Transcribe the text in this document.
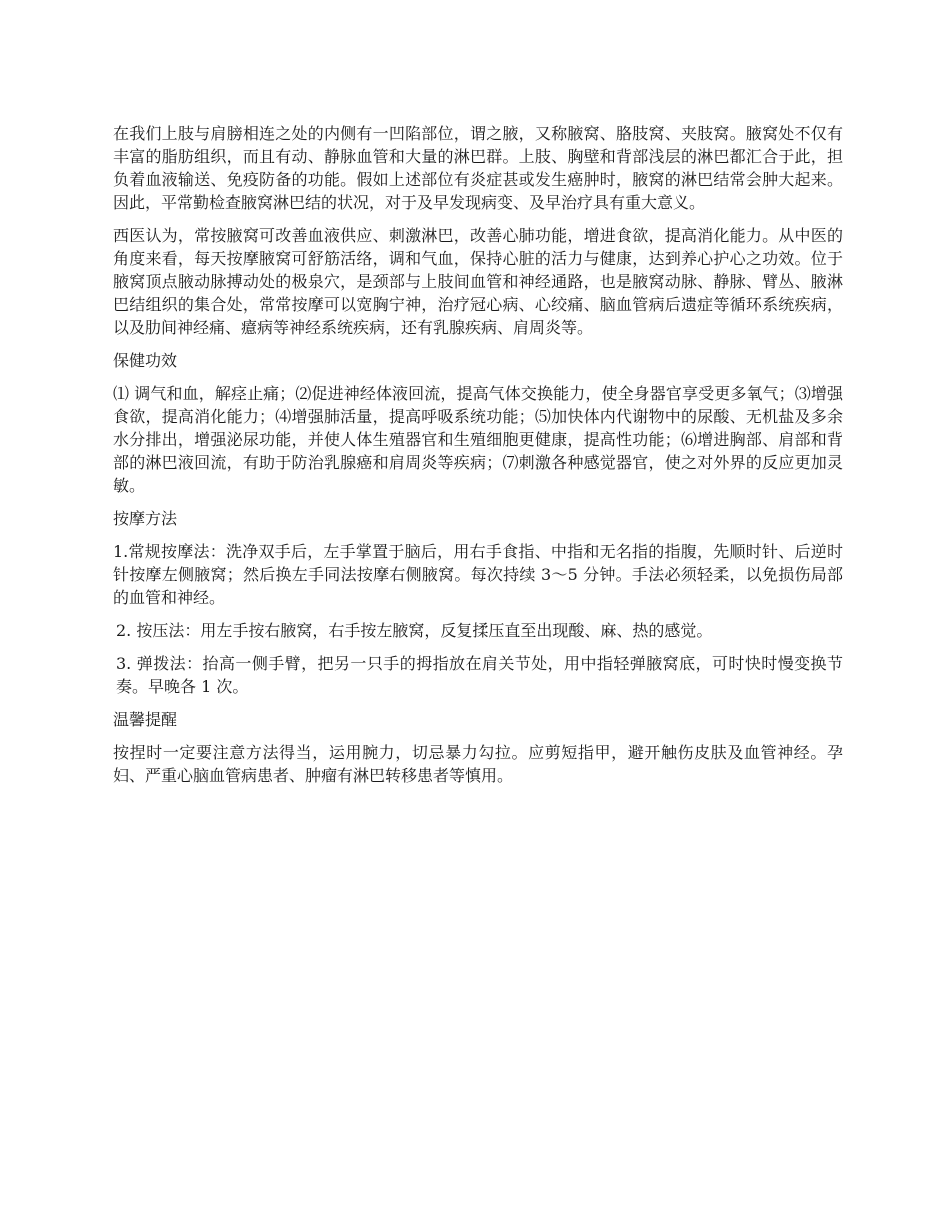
在我们上肢与肩膀相连之处的内侧有一凹陷部位，谓之腋，又称腋窝、胳肢窝、夹肢窝。腋窝处不仅有丰富的脂肪组织，而且有动、静脉血管和大量的淋巴群。上肢、胸壁和背部浅层的淋巴都汇合于此，担负着血液输送、免疫防备的功能。假如上述部位有炎症甚或发生癌肿时，腋窝的淋巴结常会肿大起来。因此，平常勤检查腋窝淋巴结的状况，对于及早发现病变、及早治疗具有重大意义。

西医认为，常按腋窝可改善血液供应、刺激淋巴，改善心肺功能，增进食欲，提高消化能力。从中医的角度来看，每天按摩腋窝可舒筋活络，调和气血，保持心脏的活力与健康，达到养心护心之功效。位于腋窝顶点腋动脉搏动处的极泉穴，是颈部与上肢间血管和神经通路，也是腋窝动脉、静脉、臂丛、腋淋巴结组织的集合处，常常按摩可以宽胸宁神，治疗冠心病、心绞痛、脑血管病后遗症等循环系统疾病，以及肋间神经痛、癔病等神经系统疾病，还有乳腺疾病、肩周炎等。

保健功效

⑴ 调气和血，解痉止痛；⑵促进神经体液回流，提高气体交换能力，使全身器官享受更多氧气；⑶增强食欲，提高消化能力；⑷增强肺活量，提高呼吸系统功能；⑸加快体内代谢物中的尿酸、无机盐及多余水分排出，增强泌尿功能，并使人体生殖器官和生殖细胞更健康，提高性功能；⑹增进胸部、肩部和背部的淋巴液回流，有助于防治乳腺癌和肩周炎等疾病；⑺刺激各种感觉器官，使之对外界的反应更加灵敏。

按摩方法

1.常规按摩法：洗净双手后，左手掌置于脑后，用右手食指、中指和无名指的指腹，先顺时针、后逆时针按摩左侧腋窝；然后换左手同法按摩右侧腋窝。每次持续 3～5 分钟。手法必须轻柔，以免损伤局部的血管和神经。

2. 按压法：用左手按右腋窝，右手按左腋窝，反复揉压直至出现酸、麻、热的感觉。

3. 弹拨法：抬高一侧手臂，把另一只手的拇指放在肩关节处，用中指轻弹腋窝底，可时快时慢变换节奏。早晚各 1 次。

温馨提醒

按捏时一定要注意方法得当，运用腕力，切忌暴力勾拉。应剪短指甲，避开触伤皮肤及血管神经。孕妇、严重心脑血管病患者、肿瘤有淋巴转移患者等慎用。
